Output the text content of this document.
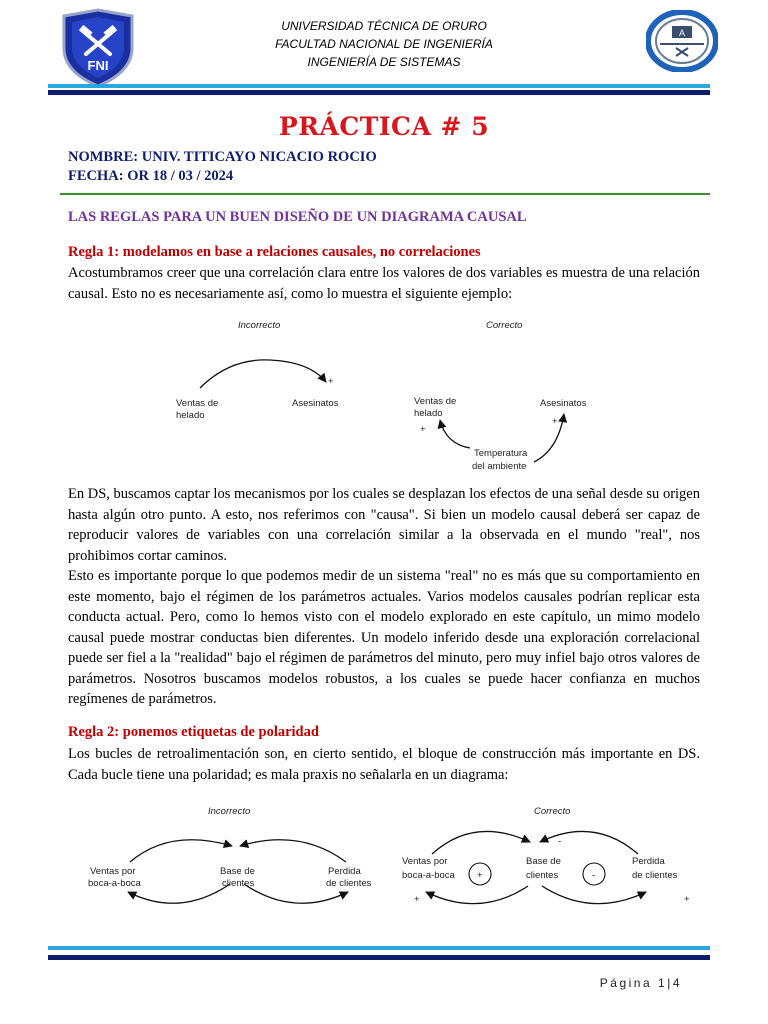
FNI
UNIVERSIDAD TÉCNICA DE ORURO
FACULTAD NACIONAL DE INGENIERÍA
INGENIERÍA DE SISTEMAS
A
PRÁCTICA # 5
NOMBRE: UNIV. TITICAYO NICACIO ROCIO
FECHA: OR 18 / 03 / 2024
LAS REGLAS PARA UN BUEN DISEÑO DE UN DIAGRAMA CAUSAL
Regla 1: modelamos en base a relaciones causales, no correlaciones

Acostumbramos creer que una correlación clara entre los valores de dos variables es muestra de una relación causal. Esto no es necesariamente así, como lo muestra el siguiente ejemplo:

Incorrecto	Correcto
+
Ventas de
helado
Asesinatos	Ventas de
helado
Asesinatos
Temperatura
del ambiente
+
+

En DS, buscamos captar los mecanismos por los cuales se desplazan los efectos de una señal desde su origen hasta algún otro punto. A esto, nos referimos con "causa". Si bien un modelo causal deberá ser capaz de reproducir valores de variables con una correlación similar a la observada en el mundo "real", nos prohibimos cortar caminos.

Esto es importante porque lo que podemos medir de un sistema "real" no es más que su comportamiento en este momento, bajo el régimen de los parámetros actuales. Varios modelos causales podrían replicar esta conducta actual. Pero, como lo hemos visto con el modelo explorado en este capítulo, un mimo modelo causal puede mostrar conductas bien diferentes. Un modelo inferido desde una exploración correlacional puede ser fiel a la "realidad" bajo el régimen de parámetros del minuto, pero muy infiel bajo otros valores de parámetros. Nosotros buscamos modelos robustos, a los cuales se puede hacer confianza en muchos regímenes de parámetros.

Regla 2: ponemos etiquetas de polaridad

Los bucles de retroalimentación son, en cierto sentido, el bloque de construcción más importante en DS. Cada bucle tiene una polaridad; es mala praxis no señalarla en un diagrama:

Incorrecto	Correcto
Ventas por
boca-a-boca
Base de
clientes
Perdida
de clientes
Ventas por
boca-a-boca
Base de
clientes
Perdida
de clientes
+	-
+	-
+	+
Página 1|4
